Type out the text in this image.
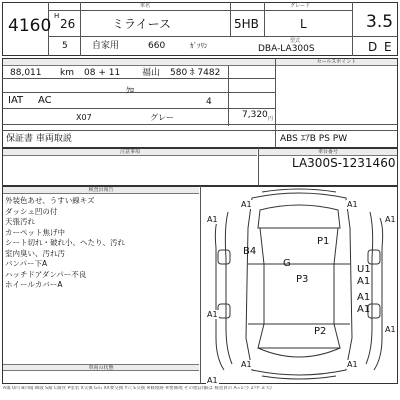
4160
車名	グレード
H
26	ミライース	5HB	L	3.5
5	自家用	660	ｶﾞｿﾘﾝ
型式
DBA-LA300S	D E
セールスポイント
88,011 km 08 + 11 福山 580 ﾎ 7482
IAT AC
ｸﾛ
4
X07	グレー	7,320 円
保証書 車両取説	ABS ｴｱB PS PW
注意事項	車台番号
LA300S-1231460
検査員報告
車両の状態
外装色あせ、うすい線キズ
ダッシュ凹の付
天張汚れ
カーペット焦げ中
シート切れ・破れ小、へたり、汚れ
室内臭い、汚れ汚
バンパー下A
ハッチドアダンパー不良
ホイールカバーA
A1	A1
A1	A1
B4
P1
G
U1
A1
P3
A1
A1
A1
P2	A1
A1	A1
A1
A傷 U凹 B凹傷 W波 S錆 C腐食 P塗装 X交換 G石 XX要交換 Y穴 E交換 ※修理跡 ※要修理 その他(詳細は 検査員の A=1:小 2:中 3:大)
